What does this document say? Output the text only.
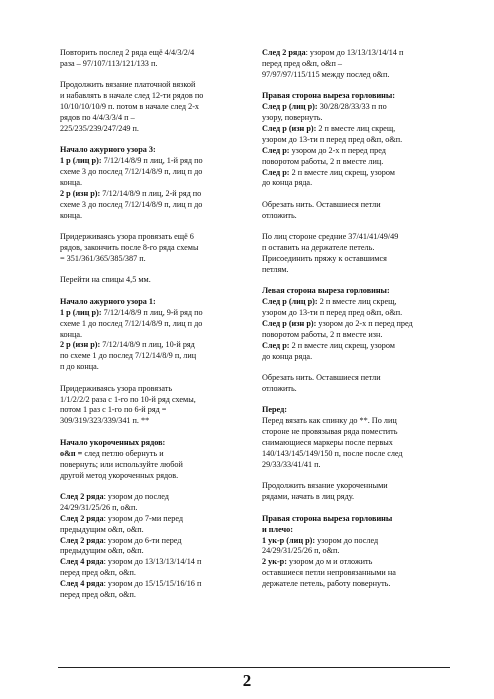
Повторить послед 2 ряда ещё 4/4/3/2/4
раза – 97/107/113/121/133 п.
Продолжить вязание платочной вязкой
и набавлять в начале след 12-ти рядов по
10/10/10/10/9 п. потом в начале след 2-х
рядов по 4/4/3/3/4 п –
225/235/239/247/249 п.
Начало ажурного узора 3:
1 р (лиц р): 7/12/14/8/9 п лиц, 1-й ряд по
схеме 3 до послед 7/12/14/8/9 п, лиц п до
конца.
2 р (изн р): 7/12/14/8/9 п лиц, 2-й ряд по
схеме 3 до послед 7/12/14/8/9 п, лиц п до
конца.
Придерживаясь узора провязать ещё 6
рядов, закончить после 8-го ряда схемы
= 351/361/365/385/387 п.
Перейти на спицы 4,5 мм.
Начало ажурного узора 1:
1 р (лиц р): 7/12/14/8/9 п лиц, 9-й ряд по
схеме 1 до послед 7/12/14/8/9 п, лиц п до
конца.
2 р (изн р): 7/12/14/8/9 п лиц, 10-й ряд
по схеме 1 до послед 7/12/14/8/9 п, лиц
п до конца.
Придерживаясь узора провязать
1/1/2/2/2 раза с 1-го по 10-й ряд схемы,
потом 1 раз с 1-го по 6-й ряд =
309/319/323/339/341 п. **
Начало укороченных рядов:
о&п = след петлю обернуть и
повернуть; или используйте любой
другой метод укороченных рядов.
След 2 ряда: узором до послед
24/29/31/25/26 п, о&п.
След 2 ряда: узором до 7-ми перед
предыдущим о&п, о&п.
След 2 ряда: узором до 6-ти перед
предыдущим о&п, о&п.
След 4 ряда: узором до 13/13/13/14/14 п
перед пред о&п, о&п.
След 4 ряда: узором до 15/15/15/16/16 п
перед пред о&п, о&п.
След 2 ряда: узором до 13/13/13/14/14 п
перед пред о&п, о&п –
97/97/97/115/115 между послед о&п.
Правая сторона выреза горловины:
След р (лиц р): 30/28/28/33/33 п по
узору, повернуть.
След р (изн р): 2 п вместе лиц скрещ,
узором до 13-ти п перед пред о&п, о&п.
След р: узором до 2-х п перед пред
поворотом работы, 2 п вместе лиц.
След р: 2 п вместе лиц скрещ, узором
до конца ряда.
Обрезать нить. Оставшиеся петли
отложить.
По лиц стороне средние 37/41/41/49/49
п оставить на держателе петель.
Присоединить пряжу к оставшимся
петлям.
Левая сторона выреза горловины:
След р (лиц р): 2 п вместе лиц скрещ,
узором до 13-ти п перед пред о&п, о&п.
След р (изн р): узором до 2-х п перед пред
поворотом работы, 2 п вместе изн.
След р: 2 п вместе лиц скрещ, узором
до конца ряда.
Обрезать нить. Оставшиеся петли
отложить.
Перед:
Перед вязать как спинку до **. По лиц
стороне не провязывая ряда поместить
снимающиеся маркеры после первых
140/143/145/149/150 п, после после след
29/33/33/41/41 п.
Продолжить вязание укороченными
рядами, начать в лиц ряду.
Правая сторона выреза горловины
и плечо:
1 ук-р (лиц р): узором до послед
24/29/31/25/26 п, о&п.
2 ук-р: узором до м и отложить
оставшиеся петли непровязанными на
держателе петель, работу повернуть.
2
